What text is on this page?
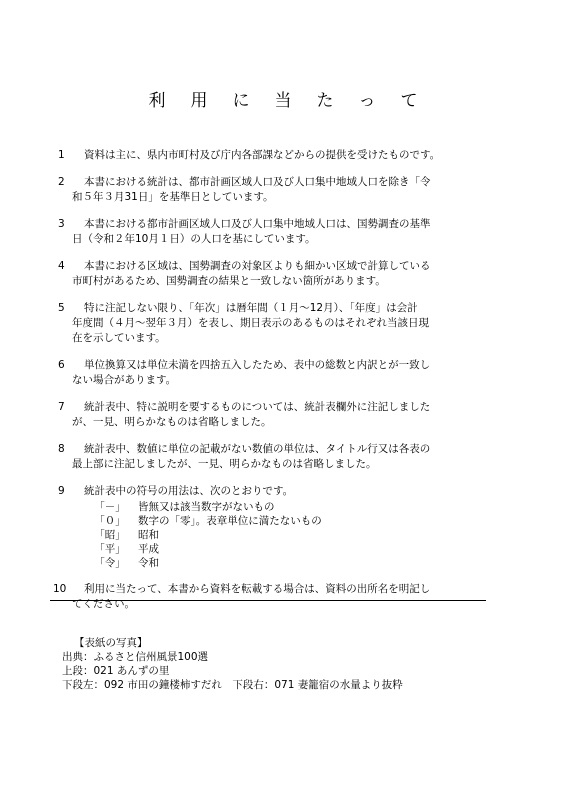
利用に当たって
1	資料は主に、県内市町村及び庁内各部課などからの提供を受けたものです。
2	本書における統計は、都市計画区域人口及び人口集中地域人口を除き「令
和５年３月31日」を基準日としています。
3	本書における都市計画区域人口及び人口集中地域人口は、国勢調査の基準
日（令和２年10月１日）の人口を基にしています。
4	本書における区域は、国勢調査の対象区よりも細かい区域で計算している
市町村があるため、国勢調査の結果と一致しない箇所があります。
5	特に注記しない限り、「年次」は暦年間（１月～12月）、「年度」は会計
年度間（４月～翌年３月）を表し、期日表示のあるものはそれぞれ当該日現
在を示しています。
6	単位換算又は単位未満を四捨五入したため、表中の総数と内訳とが一致し
ない場合があります。
7	統計表中、特に説明を要するものについては、統計表欄外に注記しました
が、一見、明らかなものは省略しました。
8	統計表中、数値に単位の記載がない数値の単位は、タイトル行又は各表の
最上部に注記しましたが、一見、明らかなものは省略しました。
9	統計表中の符号の用法は、次のとおりです。
「－」	皆無又は該当数字がないもの
「０」	数字の「零」。表章単位に満たないもの
「昭」	昭和
「平」	平成
「令」	令和
10	利用に当たって、本書から資料を転載する場合は、資料の出所名を明記し
てください。
【表紙の写真】
出典：ふるさと信州風景100選
上段：021 あんずの里
下段左：092 市田の鐘楼柿すだれ　下段右：071 妻籠宿の水量より抜粋
